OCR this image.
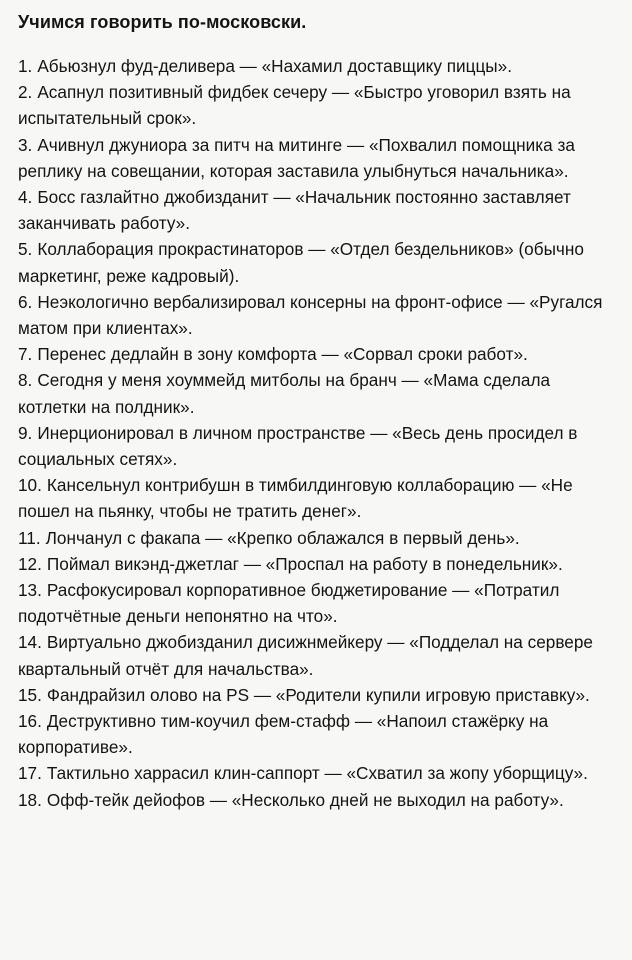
Учимся говорить по-московски.
1. Абьюзнул фуд-деливера — «Нахамил доставщику пиццы».
2. Асапнул позитивный фидбек сечеру — «Быстро уговорил взять на испытательный срок».
3. Ачивнул джуниора за питч на митинге — «Похвалил помощника за реплику на совещании, которая заставила улыбнуться начальника».
4. Босс газлайтно джобизданит — «Начальник постоянно заставляет заканчивать работу».
5. Коллаборация прокрастинаторов — «Отдел бездельников» (обычно маркетинг, реже кадровый).
6. Неэкологично вербализировал консерны на фронт-офисе — «Ругался матом при клиентах».
7. Перенес дедлайн в зону комфорта — «Сорвал сроки работ».
8. Сегодня у меня хоуммейд митболы на бранч — «Мама сделала котлетки на полдник».
9. Инерционировал в личном пространстве — «Весь день просидел в социальных сетях».
10. Кансельнул контрибушн в тимбилдинговую коллаборацию — «Не пошел на пьянку, чтобы не тратить денег».
11. Лончанул с факапа — «Крепко облажался в первый день».
12. Поймал викэнд-джетлаг — «Проспал на работу в понедельник».
13. Расфокусировал корпоративное бюджетирование — «Потратил подотчётные деньги непонятно на что».
14. Виртуально джобизданил дисижнмейкеру — «Подделал на сервере квартальный отчёт для начальства».
15. Фандрайзил олово на PS — «Родители купили игровую приставку».
16. Деструктивно тим-коучил фем-стафф — «Напоил стажёрку на корпоративе».
17. Тактильно харрасил клин-саппорт — «Схватил за жопу уборщицу».
18. Офф-тейк дейофов — «Несколько дней не выходил на работу».
